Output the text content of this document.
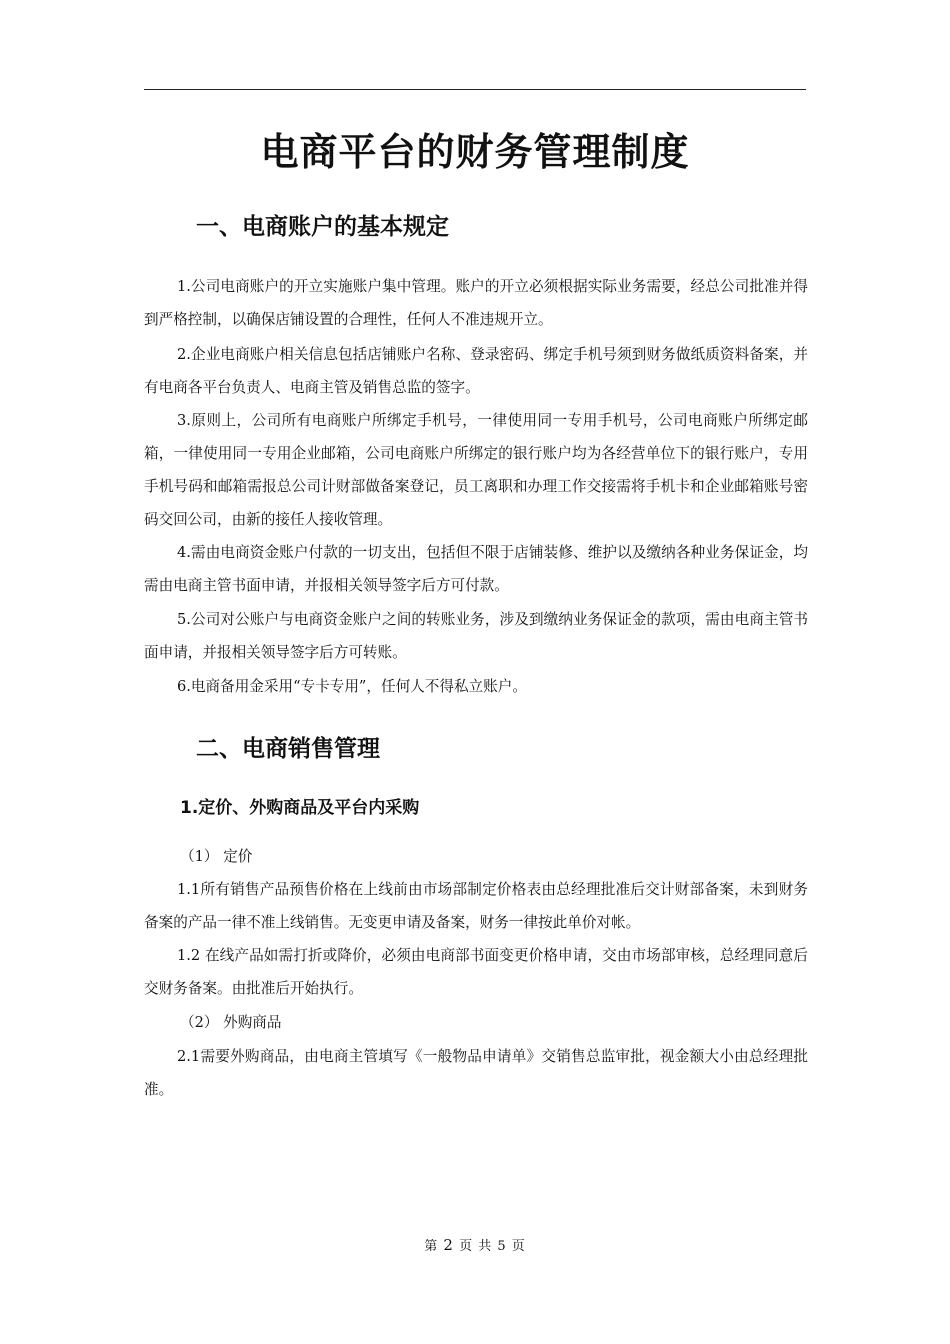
电商平台的财务管理制度
一、电商账户的基本规定

1.公司电商账户的开立实施账户集中管理。账户的开立必须根据实际业务需要，经总公司批准并得到严格控制，以确保店铺设置的合理性，任何人不准违规开立。

2.企业电商账户相关信息包括店铺账户名称、登录密码、绑定手机号须到财务做纸质资料备案，并有电商各平台负责人、电商主管及销售总监的签字。

3.原则上，公司所有电商账户所绑定手机号，一律使用同一专用手机号，公司电商账户所绑定邮箱，一律使用同一专用企业邮箱，公司电商账户所绑定的银行账户均为各经营单位下的银行账户，专用手机号码和邮箱需报总公司计财部做备案登记，员工离职和办理工作交接需将手机卡和企业邮箱账号密码交回公司，由新的接任人接收管理。

4.需由电商资金账户付款的一切支出，包括但不限于店铺装修、维护以及缴纳各种业务保证金，均需由电商主管书面申请，并报相关领导签字后方可付款。

5.公司对公账户与电商资金账户之间的转账业务，涉及到缴纳业务保证金的款项，需由电商主管书面申请，并报相关领导签字后方可转账。

6.电商备用金采用“专卡专用”，任何人不得私立账户。

二、电商销售管理
1.定价、外购商品及平台内采购
（1） 定价

1.1所有销售产品预售价格在上线前由市场部制定价格表由总经理批准后交计财部备案，未到财务备案的产品一律不准上线销售。无变更申请及备案，财务一律按此单价对帐。

1.2 在线产品如需打折或降价，必须由电商部书面变更价格申请，交由市场部审核，总经理同意后交财务备案。由批准后开始执行。

（2） 外购商品

2.1需要外购商品，由电商主管填写《一般物品申请单》交销售总监审批，视金额大小由总经理批准。

第 2 页 共 5 页
